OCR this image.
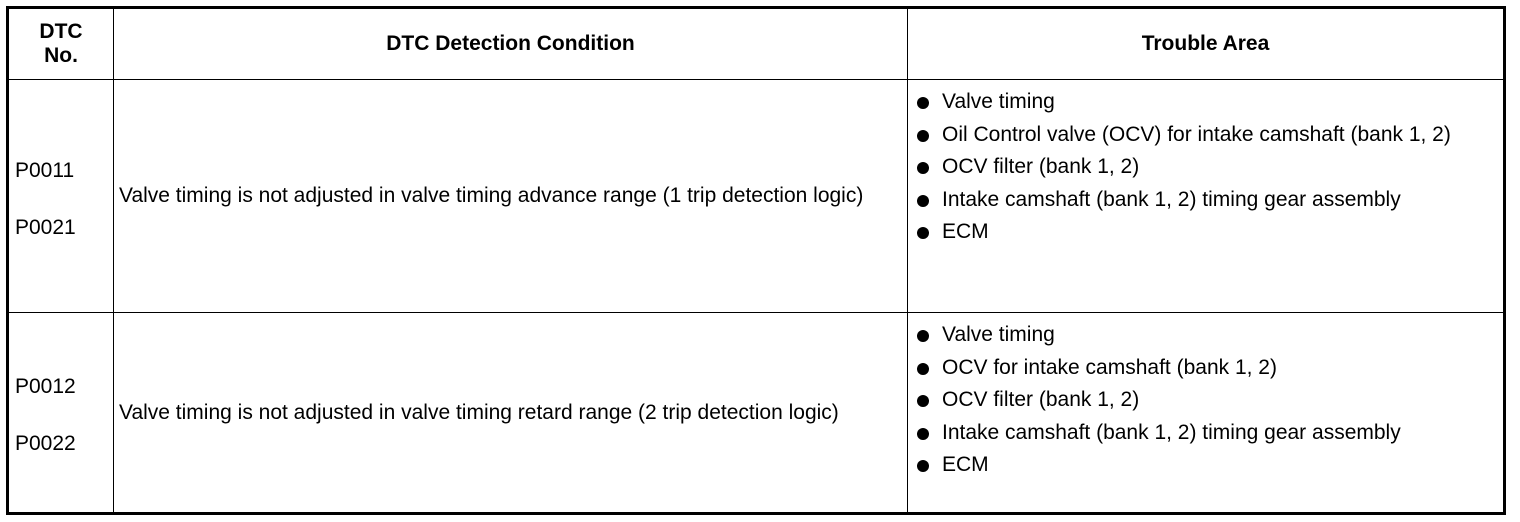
DTC
No.
DTC Detection Condition	Trouble Area
P0011
P0021
Valve timing is not adjusted in valve timing advance range (1 trip detection logic)
Valve timing
Oil Control valve (OCV) for intake camshaft (bank 1, 2)
OCV filter (bank 1, 2)
Intake camshaft (bank 1, 2) timing gear assembly
ECM
P0012
P0022
Valve timing is not adjusted in valve timing retard range (2 trip detection logic)
Valve timing
OCV for intake camshaft (bank 1, 2)
OCV filter (bank 1, 2)
Intake camshaft (bank 1, 2) timing gear assembly
ECM
